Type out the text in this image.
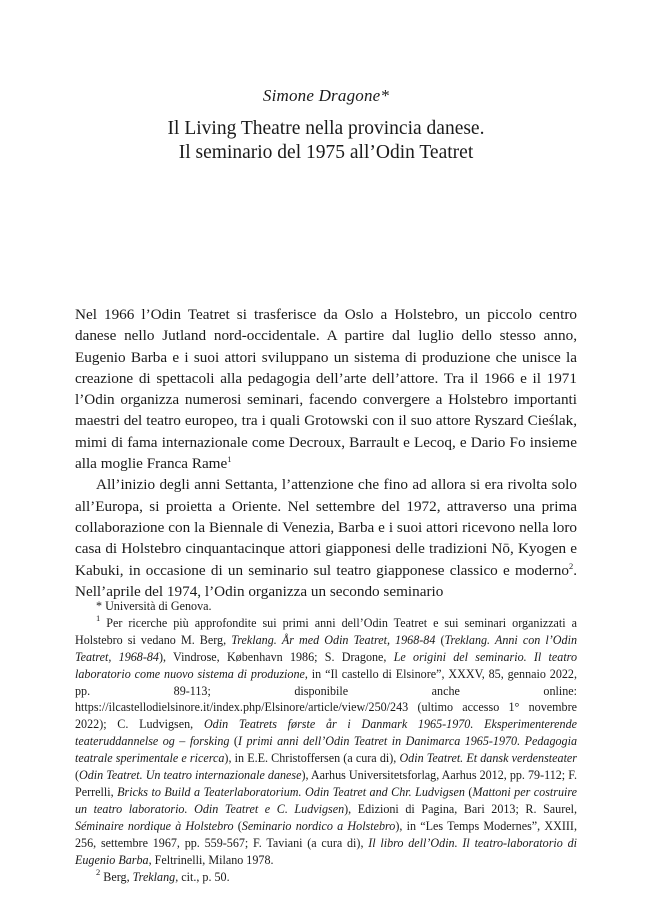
Simone Dragone*
Il Living Theatre nella provincia danese.
Il seminario del 1975 all’Odin Teatret

Nel 1966 l’Odin Teatret si trasferisce da Oslo a Holstebro, un piccolo centro danese nello Jutland nord-occidentale. A partire dal luglio dello stesso anno, Eugenio Barba e i suoi attori sviluppano un sistema di produzione che unisce la creazione di spettacoli alla pedagogia dell’arte dell’attore. Tra il 1966 e il 1971 l’Odin organizza numerosi seminari, facendo convergere a Holstebro importanti maestri del teatro europeo, tra i quali Grotowski con il suo attore Ryszard Cieślak, mimi di fama internazionale come Decroux, Barrault e Lecoq, e Dario Fo insieme alla moglie Franca Rame$^1$

All’inizio degli anni Settanta, l’attenzione che fino ad allora si era rivolta solo all’Europa, si proietta a Oriente. Nel settembre del 1972, attraverso una prima collaborazione con la Biennale di Venezia, Barba e i suoi attori ricevono nella loro casa di Holstebro cinquantacinque attori giapponesi delle tradizioni Nō, Kyogen e Kabuki, in occasione di un seminario sul teatro giapponese classico e moderno$^2$. Nell’aprile del 1974, l’Odin organizza un secondo seminario

* Università di Genova.

$^1$ Per ricerche più approfondite sui primi anni dell’Odin Teatret e sui seminari organizzati a Holstebro si vedano M. Berg, Treklang. År med Odin Teatret, 1968-84 (Treklang. Anni con l’Odin Teatret, 1968-84), Vindrose, København 1986; S. Dragone, Le origini del seminario. Il teatro laboratorio come nuovo sistema di produzione, in “Il castello di Elsinore”, XXXV, 85, gennaio 2022, pp. 89-113; disponibile anche online: https://ilcastellodielsinore.it/index.php/Elsinore/article/view/250/243 (ultimo accesso 1° novembre 2022); C. Ludvigsen, Odin Teatrets første år i Danmark 1965-1970. Eksperimenterende teateruddannelse og – forsking (I primi anni dell’Odin Teatret in Danimarca 1965-1970. Pedagogia teatrale sperimentale e ricerca), in E.E. Christoffersen (a cura di), Odin Teatret. Et dansk verdensteater (Odin Teatret. Un teatro internazionale danese), Aarhus Universitetsforlag, Aarhus 2012, pp. 79-112; F. Perrelli, Bricks to Build a Teaterlaboratorium. Odin Teatret and Chr. Ludvigsen (Mattoni per costruire un teatro laboratorio. Odin Teatret e C. Ludvigsen), Edizioni di Pagina, Bari 2013; R. Saurel, Séminaire nordique à Holstebro (Seminario nordico a Holstebro), in “Les Temps Modernes”, XXIII, 256, settembre 1967, pp. 559-567; F. Taviani (a cura di), Il libro dell’Odin. Il teatro-laboratorio di Eugenio Barba, Feltrinelli, Milano 1978.

$^2$ Berg, Treklang, cit., p. 50.
